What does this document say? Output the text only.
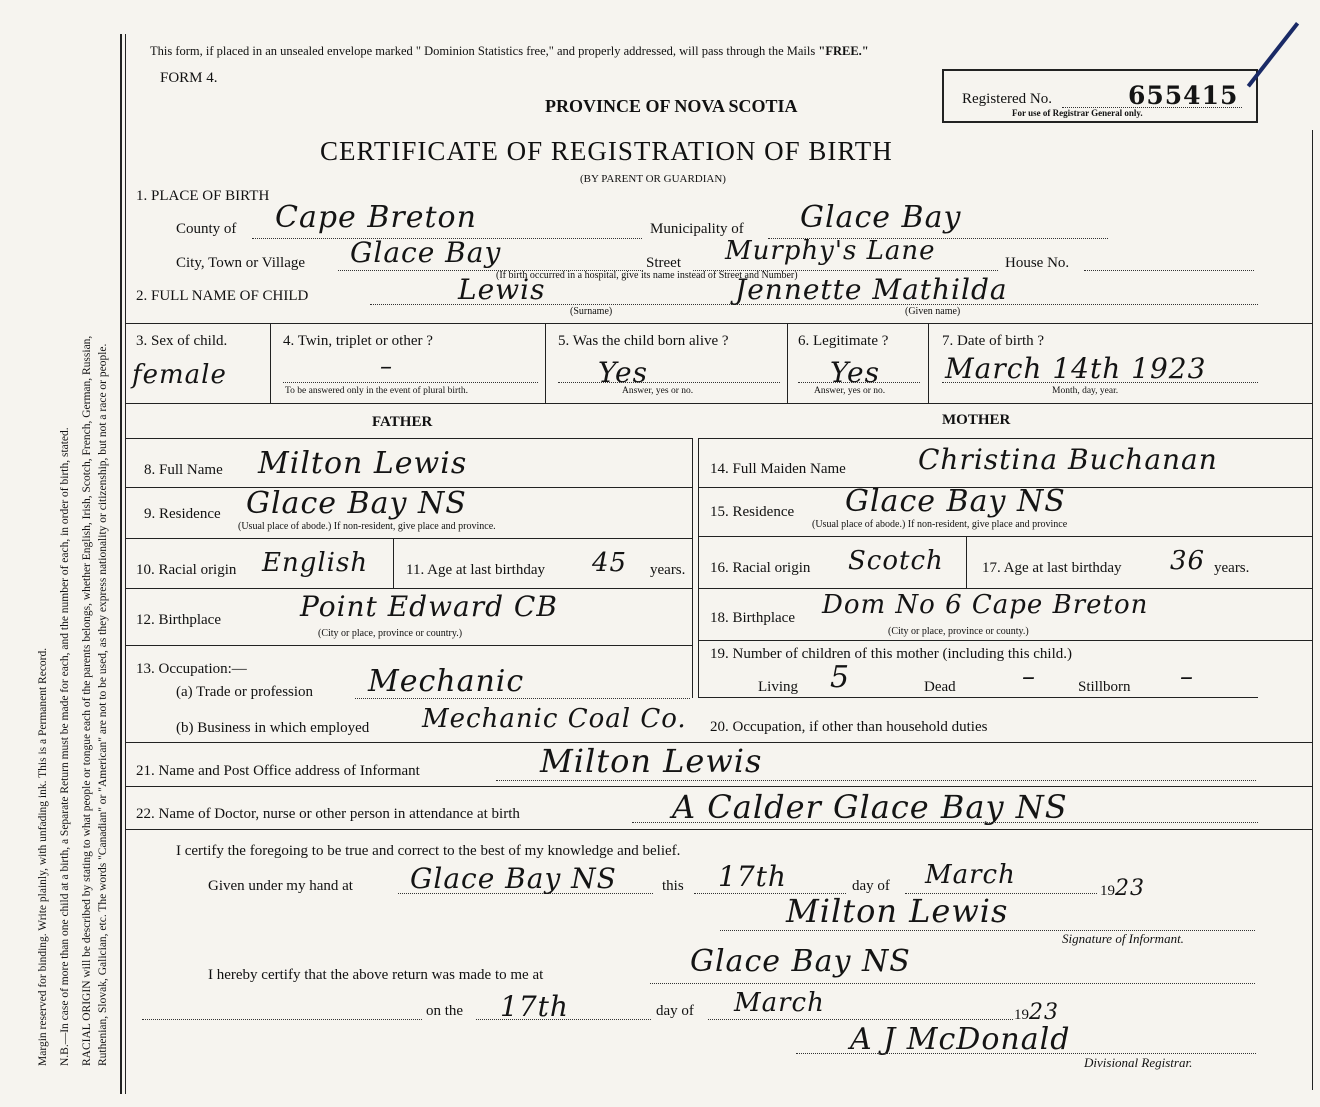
Margin reserved for binding. Write plainly, with unfading ink. This is a Permanent Record. N.B.—In case of more than one child at a birth, a Separate Return must be made for each, and the number of each, in order of birth, stated. RACIAL ORIGIN will be described by stating to what people or tongue each of the parents belongs, whether English, Irish, Scotch, French, German, Russian, Ruthenian, Slovak, Galician, etc. The words "Canadian" or "American" are not to be used, as they express nationality or citizenship, but not a race or people.
This form, if placed in an unsealed envelope marked " Dominion Statistics free," and properly addressed, will pass through the Mails "FREE."
FORM 4.
PROVINCE OF NOVA SCOTIA	Registered No.	655415
For use of Registrar General only.
CERTIFICATE OF REGISTRATION OF BIRTH
(BY PARENT OR GUARDIAN)
1. PLACE OF BIRTH
County of Cape Breton	Municipality of Glace Bay
City, Town or Village Glace Bay	Street Murphy's Lane	House No.
(If birth occurred in a hospital, give its name instead of Street and Number)
2. FULL NAME OF CHILD	Lewis	Jennette Mathilda
(Surname)	(Given name)
3. Sex of child.
female
4. Twin, triplet or other ?
–
To be answered only in the event of plural birth.
5. Was the child born alive ?
Yes
Answer, yes or no.
6. Legitimate ?
Yes
Answer, yes or no.
7. Date of birth ?
March 14th 1923
Month, day, year.
FATHER	MOTHER
8. Full Name Milton Lewis
9. Residence Glace Bay NS
(Usual place of abode.) If non-resident, give place and province.
10. Racial origin English	11. Age at last birthday 45 years.
12. Birthplace	Point Edward CB
(City or place, province or country.)
14. Full Maiden Name	Christina Buchanan
15. Residence Glace Bay NS
(Usual place of abode.) If non-resident, give place and province
16. Racial origin Scotch	17. Age at last birthday 36 years.
18. Birthplace Dom No 6 Cape Breton
(City or place, province or county.)
13. Occupation:—
(a) Trade or profession Mechanic
(b) Business in which employed Mechanic Coal Co.
19. Number of children of this mother (including this child.)
Living 5	Dead	–	Stillborn –
20. Occupation, if other than household duties
21. Name and Post Office address of Informant	Milton Lewis
22. Name of Doctor, nurse or other person in attendance at birth	A Calder Glace Bay NS
I certify the foregoing to be true and correct to the best of my knowledge and belief.
Given under my hand at Glace Bay NS	this 17th	day of March
1923
Milton Lewis
Signature of Informant.
I hereby certify that the above return was made to me at	Glace Bay NS
on the 17th	day of March	1923
A J McDonald
Divisional Registrar.
